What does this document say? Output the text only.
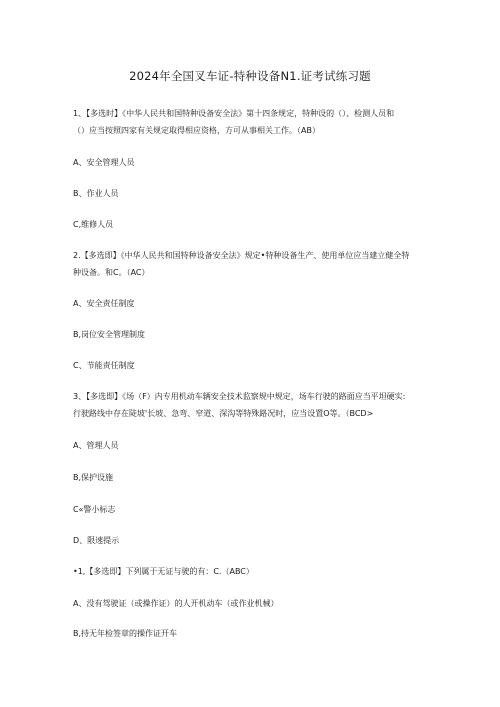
2024年全国叉车证-特种设备N1.证考试练习题
1、【多选时】《中华人民共和国特种设备安全法》第十四条规定，特种设的（）、检测人员和
（）应当按照四家有关规定取得相应资格，方可从事相关工作。（AB）
A、安全管理人员
B、作业人员
C,维修人员
2.【多选即】《中华人民共和国特种设备安全法》规定•特种设备生产、使用单位应当建立健全特
种设备。和C。（AC）
A、安全责任制度
B,岗位安全管理制度
C、节能责任制度
3、【多选即】《场（F）内专用机动车辆安全技术监察规中规定，场车行驶的路面应当平坦硬实:
行驶路线中存在陡坡'长坡、急弯、窄道、深沟等特殊路况时，应当设置O等。（BCD>
A、管理人员
B,保护设施
C«警小标志
D、限速提示
•1,【多选即】下列属于无证与驶的有：C.（ABC）
A、没有驾驶证（或操作证）的人开机动车（或作业机械）
B,持无年检签章的操作证开车
